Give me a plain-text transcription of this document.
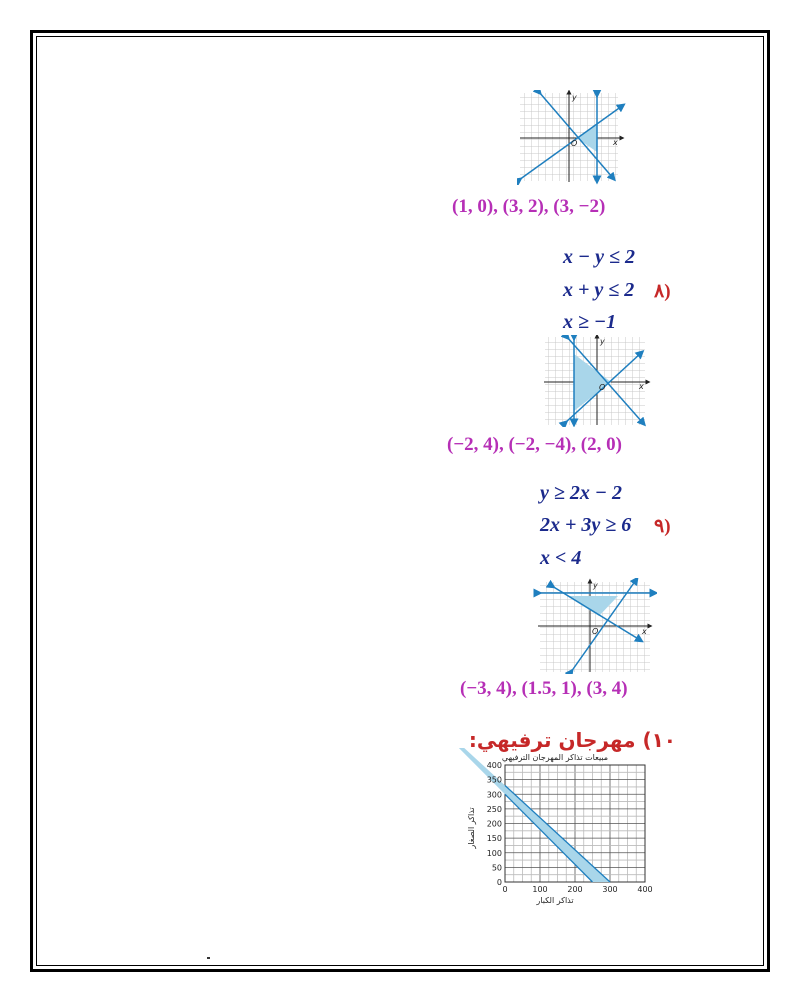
x
y
O
(1, 0), (3, 2), (3, −2)
x − y ≤ 2
x + y ≤ 2 ٨)
x ≥ −1
x
y
O
(−2, 4), (−2, −4), (2, 0)
y ≥ 2x − 2
2x + 3y ≥ 6 ٩)
x < 4
x
y
O
(−3, 4), (1.5, 1), (3, 4)
١٠) مهرجان ترفيهي:
مبيعات تذاكر المهرجان الترفيهي
0	100 200 300 400
0
50
100
150
200
250
300
350
400
تذاكر الكبار
تذاكر الصغار
